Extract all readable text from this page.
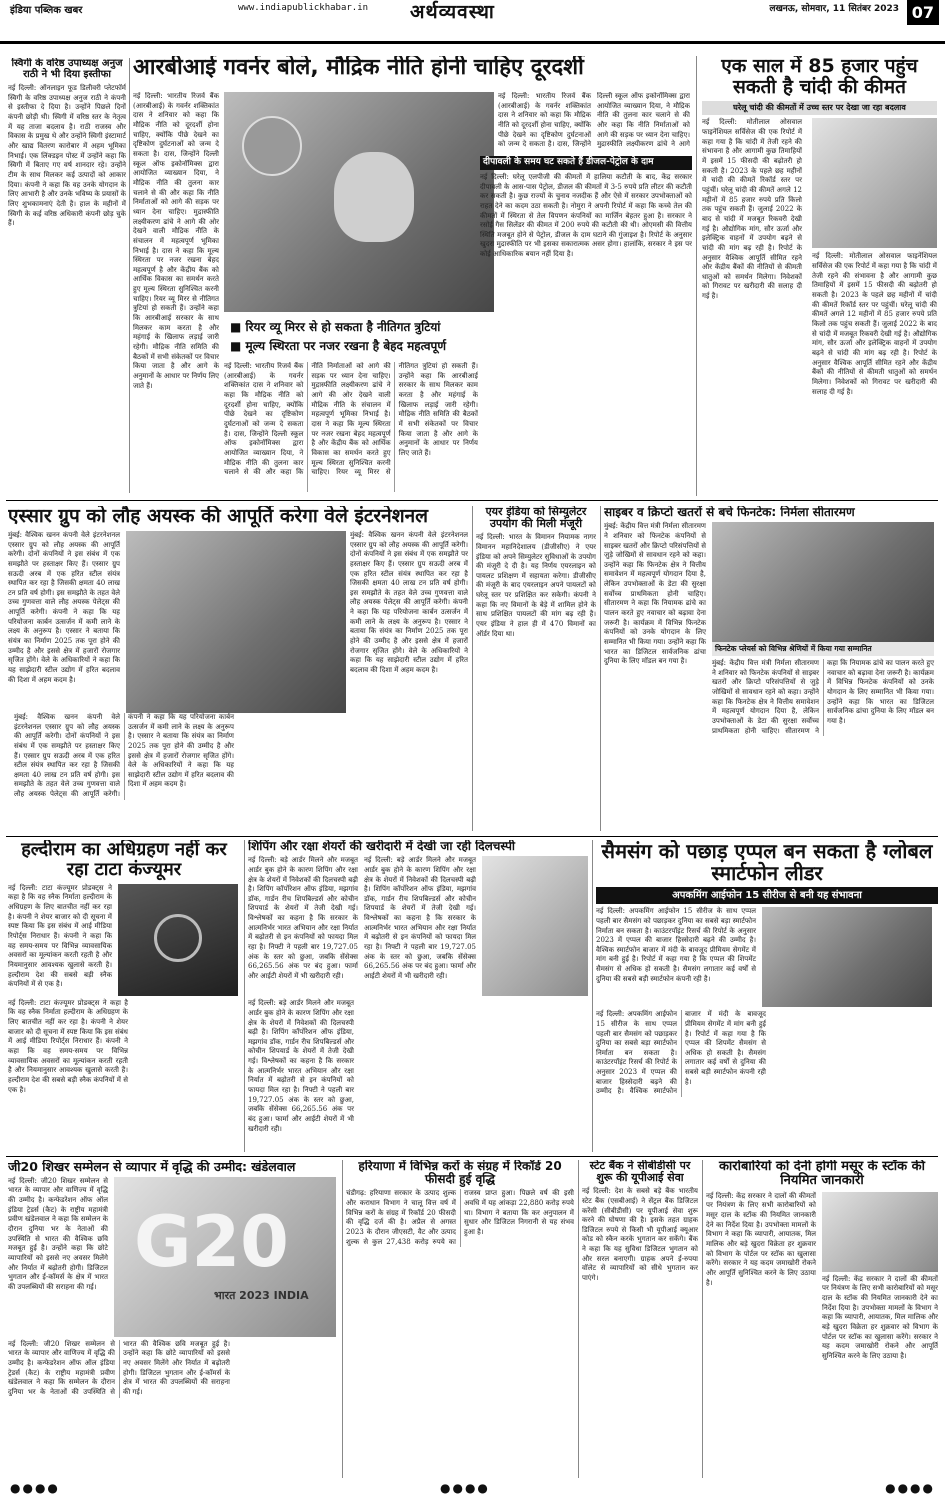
इंडिया पब्लिक खबर	www.indiapublickhabar.in अर्थव्यवस्था	लखनऊ, सोमवार, 11 सितंबर 2023 07
स्विगी के वरिष्ठ उपाध्यक्ष अनुज राठी ने भी दिया इस्तीफा
नई दिल्ली: ऑनलाइन फूड डिलीवरी प्लेटफॉर्म स्विगी के वरिष्ठ उपाध्यक्ष अनुज राठी ने कंपनी से इस्तीफा दे दिया है। उन्होंने पिछले दिनों कंपनी छोड़ी थी। स्विगी में वरिष्ठ स्तर के नेतृत्व में यह ताजा बदलाव है। राठी राजस्व और विकास के प्रमुख थे और उन्होंने स्विगी इंस्टामार्ट और खाद्य वितरण कारोबार में अहम भूमिका निभाई। एक लिंक्डइन पोस्ट में उन्होंने कहा कि स्विगी में बिताए गए वर्ष शानदार रहे। उन्होंने टीम के साथ मिलकर कई उत्पादों को आकार दिया। कंपनी ने कहा कि वह उनके योगदान के लिए आभारी है और उनके भविष्य के प्रयासों के लिए शुभकामनाएं देती है। हाल के महीनों में स्विगी के कई वरिष्ठ अधिकारी कंपनी छोड़ चुके हैं।
आरबीआई गवर्नर बोले, मौद्रिक नीति होनी चाहिए दूरदर्शी
नई दिल्ली: भारतीय रिजर्व बैंक (आरबीआई) के गवर्नर शक्तिकांत दास ने शनिवार को कहा कि मौद्रिक नीति को दूरदर्शी होना चाहिए, क्योंकि पीछे देखने का दृष्टिकोण दुर्घटनाओं को जन्म दे सकता है। दास, जिन्होंने दिल्ली स्कूल ऑफ इकोनॉमिक्स द्वारा आयोजित व्याख्यान दिया, ने मौद्रिक नीति की तुलना कार चलाने से की और कहा कि नीति निर्माताओं को आगे की सड़क पर ध्यान देना चाहिए। मुद्रास्फीति लक्ष्यीकरण ढांचे ने आगे की ओर देखने वाली मौद्रिक नीति के संचालन में महत्वपूर्ण भूमिका निभाई है। दास ने कहा कि मूल्य स्थिरता पर नजर रखना बेहद महत्वपूर्ण है और केंद्रीय बैंक को आर्थिक विकास का समर्थन करते हुए मूल्य स्थिरता सुनिश्चित करनी चाहिए। रियर व्यू मिरर से नीतिगत त्रुटियां हो सकती हैं। उन्होंने कहा कि आरबीआई सरकार के साथ मिलकर काम करता है और महंगाई के खिलाफ लड़ाई जारी रहेगी। मौद्रिक नीति समिति की बैठकों में सभी संकेतकों पर विचार किया जाता है और आगे के अनुमानों के आधार पर निर्णय लिए जाते हैं।
■ रियर व्यू मिरर से हो सकता है नीतिगत त्रुटियां
■ मूल्य स्थिरता पर नजर रखना है बेहद महत्वपूर्ण
नई दिल्ली: भारतीय रिजर्व बैंक (आरबीआई) के गवर्नर शक्तिकांत दास ने शनिवार को कहा कि मौद्रिक नीति को दूरदर्शी होना चाहिए, क्योंकि पीछे देखने का दृष्टिकोण दुर्घटनाओं को जन्म दे सकता है। दास, जिन्होंने दिल्ली स्कूल ऑफ इकोनॉमिक्स द्वारा आयोजित व्याख्यान दिया, ने मौद्रिक नीति की तुलना कार चलाने से की और कहा कि नीति निर्माताओं को आगे की सड़क पर ध्यान देना चाहिए। मुद्रास्फीति लक्ष्यीकरण ढांचे ने आगे की ओर देखने वाली मौद्रिक नीति के संचालन में महत्वपूर्ण भूमिका निभाई है। दास ने कहा कि मूल्य स्थिरता पर नजर रखना बेहद महत्वपूर्ण है और केंद्रीय बैंक को आर्थिक विकास का समर्थन करते हुए मूल्य स्थिरता सुनिश्चित करनी चाहिए। रियर व्यू मिरर से नीतिगत त्रुटियां हो सकती हैं। उन्होंने कहा कि आरबीआई सरकार के साथ मिलकर काम करता है और महंगाई के खिलाफ लड़ाई जारी रहेगी। मौद्रिक नीति समिति की बैठकों में सभी संकेतकों पर विचार किया जाता है और आगे के अनुमानों के आधार पर निर्णय लिए जाते हैं।
नई दिल्ली: भारतीय रिजर्व बैंक (आरबीआई) के गवर्नर शक्तिकांत दास ने शनिवार को कहा कि मौद्रिक नीति को दूरदर्शी होना चाहिए, क्योंकि पीछे देखने का दृष्टिकोण दुर्घटनाओं को जन्म दे सकता है। दास, जिन्होंने दिल्ली स्कूल ऑफ इकोनॉमिक्स द्वारा आयोजित व्याख्यान दिया, ने मौद्रिक नीति की तुलना कार चलाने से की और कहा कि नीति निर्माताओं को आगे की सड़क पर ध्यान देना चाहिए। मुद्रास्फीति लक्ष्यीकरण ढांचे ने आगे
दीपावली के समय घट सकते हैं डीजल-पेट्रोल के दाम
नई दिल्ली: घरेलू एलपीजी की कीमतों में हालिया कटौती के बाद, केंद्र सरकार दीपावली के आस-पास पेट्रोल, डीजल की कीमतों में 3-5 रुपये प्रति लीटर की कटौती कर सकती है। कुछ राज्यों के चुनाव नजदीक हैं और ऐसे में सरकार उपभोक्ताओं को राहत देने का कदम उठा सकती है। नोमुरा ने अपनी रिपोर्ट में कहा कि कच्चे तेल की कीमतों में स्थिरता से तेल विपणन कंपनियों का मार्जिन बेहतर हुआ है। सरकार ने रसोई गैस सिलेंडर की कीमत में 200 रुपये की कटौती की थी। ओएमसी की वित्तीय स्थिति मजबूत होने से पेट्रोल, डीजल के दाम घटाने की गुंजाइश है। रिपोर्ट के अनुसार खुदरा मुद्रास्फीति पर भी इसका सकारात्मक असर होगा। हालांकि, सरकार ने इस पर कोई आधिकारिक बयान नहीं दिया है।
एक साल में 85 हजार पहुंच सकती है चांदी की कीमत
घरेलू चांदी की कीमतों में उच्च स्तर पर देखा जा रहा बदलाव
नई दिल्ली: मोतीलाल ओसवाल फाइनेंशियल सर्विसेज की एक रिपोर्ट में कहा गया है कि चांदी में तेजी रहने की संभावना है और आगामी कुछ तिमाहियों में इसमें 15 फीसदी की बढ़ोतरी हो सकती है। 2023 के पहले छह महीनों में चांदी की कीमतें रिकॉर्ड स्तर पर पहुंचीं। घरेलू चांदी की कीमतें अगले 12 महीनों में 85 हजार रुपये प्रति किलो तक पहुंच सकती हैं। जुलाई 2022 के बाद से चांदी में मजबूत रिकवरी देखी गई है। औद्योगिक मांग, सौर ऊर्जा और इलेक्ट्रिक वाहनों में उपयोग बढ़ने से चांदी की मांग बढ़ रही है। रिपोर्ट के अनुसार वैश्विक आपूर्ति सीमित रहने और केंद्रीय बैंकों की नीतियों से कीमती धातुओं को समर्थन मिलेगा। निवेशकों को गिरावट पर खरीदारी की सलाह दी गई है।
नई दिल्ली: मोतीलाल ओसवाल फाइनेंशियल सर्विसेज की एक रिपोर्ट में कहा गया है कि चांदी में तेजी रहने की संभावना है और आगामी कुछ तिमाहियों में इसमें 15 फीसदी की बढ़ोतरी हो सकती है। 2023 के पहले छह महीनों में चांदी की कीमतें रिकॉर्ड स्तर पर पहुंचीं। घरेलू चांदी की कीमतें अगले 12 महीनों में 85 हजार रुपये प्रति किलो तक पहुंच सकती हैं। जुलाई 2022 के बाद से चांदी में मजबूत रिकवरी देखी गई है। औद्योगिक मांग, सौर ऊर्जा और इलेक्ट्रिक वाहनों में उपयोग बढ़ने से चांदी की मांग बढ़ रही है। रिपोर्ट के अनुसार वैश्विक आपूर्ति सीमित रहने और केंद्रीय बैंकों की नीतियों से कीमती धातुओं को समर्थन मिलेगा। निवेशकों को गिरावट पर खरीदारी की सलाह दी गई है।
एस्सार ग्रुप को लौह अयस्क की आपूर्ति करेगा वेले इंटरनेशनल
मुंबई: वैश्विक खनन कंपनी वेले इंटरनेशनल एस्सार ग्रुप को लौह अयस्क की आपूर्ति करेगी। दोनों कंपनियों ने इस संबंध में एक समझौते पर हस्ताक्षर किए हैं। एस्सार ग्रुप सऊदी अरब में एक हरित स्टील संयंत्र स्थापित कर रहा है जिसकी क्षमता 40 लाख टन प्रति वर्ष होगी। इस समझौते के तहत वेले उच्च गुणवत्ता वाले लौह अयस्क पेलेट्स की आपूर्ति करेगी। कंपनी ने कहा कि यह परियोजना कार्बन उत्सर्जन में कमी लाने के लक्ष्य के अनुरूप है। एस्सार ने बताया कि संयंत्र का निर्माण 2025 तक पूरा होने की उम्मीद है और इससे क्षेत्र में हजारों रोजगार सृजित होंगे। वेले के अधिकारियों ने कहा कि यह साझेदारी स्टील उद्योग में हरित बदलाव की दिशा में अहम कदम है।
मुंबई: वैश्विक खनन कंपनी वेले इंटरनेशनल एस्सार ग्रुप को लौह अयस्क की आपूर्ति करेगी। दोनों कंपनियों ने इस संबंध में एक समझौते पर हस्ताक्षर किए हैं। एस्सार ग्रुप सऊदी अरब में एक हरित स्टील संयंत्र स्थापित कर रहा है जिसकी क्षमता 40 लाख टन प्रति वर्ष होगी। इस समझौते के तहत वेले उच्च गुणवत्ता वाले लौह अयस्क पेलेट्स की आपूर्ति करेगी। कंपनी ने कहा कि यह परियोजना कार्बन उत्सर्जन में कमी लाने के लक्ष्य के अनुरूप है। एस्सार ने बताया कि संयंत्र का निर्माण 2025 तक पूरा होने की उम्मीद है और इससे क्षेत्र में हजारों रोजगार सृजित होंगे। वेले के अधिकारियों ने कहा कि यह साझेदारी स्टील उद्योग में हरित बदलाव की दिशा में अहम कदम है।
मुंबई: वैश्विक खनन कंपनी वेले इंटरनेशनल एस्सार ग्रुप को लौह अयस्क की आपूर्ति करेगी। दोनों कंपनियों ने इस संबंध में एक समझौते पर हस्ताक्षर किए हैं। एस्सार ग्रुप सऊदी अरब में एक हरित स्टील संयंत्र स्थापित कर रहा है जिसकी क्षमता 40 लाख टन प्रति वर्ष होगी। इस समझौते के तहत वेले उच्च गुणवत्ता वाले लौह अयस्क पेलेट्स की आपूर्ति करेगी। कंपनी ने कहा कि यह परियोजना कार्बन उत्सर्जन में कमी लाने के लक्ष्य के अनुरूप है। एस्सार ने बताया कि संयंत्र का निर्माण 2025 तक पूरा होने की उम्मीद है और इससे क्षेत्र में हजारों रोजगार सृजित होंगे। वेले के अधिकारियों ने कहा कि यह साझेदारी स्टील उद्योग में हरित बदलाव की दिशा में अहम कदम है।
एयर इंडिया को सिम्युलेटर उपयोग की मिली मंजूरी
नई दिल्ली: भारत के विमानन नियामक नागर विमानन महानिदेशालय (डीजीसीए) ने एयर इंडिया को अपने सिम्युलेटर सुविधाओं के उपयोग की मंजूरी दे दी है। यह निर्णय एयरलाइन को पायलट प्रशिक्षण में सहायता करेगा। डीजीसीए की मंजूरी के बाद एयरलाइन अपने पायलटों को घरेलू स्तर पर प्रशिक्षित कर सकेगी। कंपनी ने कहा कि नए विमानों के बेड़े में शामिल होने के साथ प्रशिक्षित पायलटों की मांग बढ़ रही है। एयर इंडिया ने हाल ही में 470 विमानों का ऑर्डर दिया था।
साइबर व क्रिप्टो खतरों से बचे फिनटेक: निर्मला सीतारमण
मुंबई: केंद्रीय वित्त मंत्री निर्मला सीतारमण ने शनिवार को फिनटेक कंपनियों से साइबर खतरों और क्रिप्टो परिसंपत्तियों से जुड़े जोखिमों से सावधान रहने को कहा। उन्होंने कहा कि फिनटेक क्षेत्र ने वित्तीय समावेशन में महत्वपूर्ण योगदान दिया है, लेकिन उपभोक्ताओं के डेटा की सुरक्षा सर्वोच्च प्राथमिकता होनी चाहिए। सीतारमण ने कहा कि नियामक ढांचे का पालन करते हुए नवाचार को बढ़ावा देना जरूरी है। कार्यक्रम में विभिन्न फिनटेक कंपनियों को उनके योगदान के लिए सम्मानित भी किया गया। उन्होंने कहा कि भारत का डिजिटल सार्वजनिक ढांचा दुनिया के लिए मॉडल बन गया है।
फिनटेक प्लेयर्स को विभिन्न श्रेणियों में किया गया सम्मानित
मुंबई: केंद्रीय वित्त मंत्री निर्मला सीतारमण ने शनिवार को फिनटेक कंपनियों से साइबर खतरों और क्रिप्टो परिसंपत्तियों से जुड़े जोखिमों से सावधान रहने को कहा। उन्होंने कहा कि फिनटेक क्षेत्र ने वित्तीय समावेशन में महत्वपूर्ण योगदान दिया है, लेकिन उपभोक्ताओं के डेटा की सुरक्षा सर्वोच्च प्राथमिकता होनी चाहिए। सीतारमण ने कहा कि नियामक ढांचे का पालन करते हुए नवाचार को बढ़ावा देना जरूरी है। कार्यक्रम में विभिन्न फिनटेक कंपनियों को उनके योगदान के लिए सम्मानित भी किया गया। उन्होंने कहा कि भारत का डिजिटल सार्वजनिक ढांचा दुनिया के लिए मॉडल बन गया है।
हल्दीराम का अधिग्रहण नहीं कर रहा टाटा कंज्यूमर
नई दिल्ली: टाटा कंज्यूमर प्रोडक्ट्स ने कहा है कि वह स्नैक निर्माता हल्दीराम के अधिग्रहण के लिए बातचीत नहीं कर रहा है। कंपनी ने शेयर बाजार को दी सूचना में स्पष्ट किया कि इस संबंध में आई मीडिया रिपोर्ट्स निराधार हैं। कंपनी ने कहा कि वह समय-समय पर विभिन्न व्यावसायिक अवसरों का मूल्यांकन करती रहती है और नियमानुसार आवश्यक खुलासे करती है। हल्दीराम देश की सबसे बड़ी स्नैक कंपनियों में से एक है।
नई दिल्ली: टाटा कंज्यूमर प्रोडक्ट्स ने कहा है कि वह स्नैक निर्माता हल्दीराम के अधिग्रहण के लिए बातचीत नहीं कर रहा है। कंपनी ने शेयर बाजार को दी सूचना में स्पष्ट किया कि इस संबंध में आई मीडिया रिपोर्ट्स निराधार हैं। कंपनी ने कहा कि वह समय-समय पर विभिन्न व्यावसायिक अवसरों का मूल्यांकन करती रहती है और नियमानुसार आवश्यक खुलासे करती है। हल्दीराम देश की सबसे बड़ी स्नैक कंपनियों में से एक है।
शिपिंग और रक्षा शेयरों की खरीदारी में देखी जा रही दिलचस्पी
नई दिल्ली: बड़े आर्डर मिलने और मजबूत आर्डर बुक होने के कारण शिपिंग और रक्षा क्षेत्र के शेयरों में निवेशकों की दिलचस्पी बढ़ी है। शिपिंग कॉर्पोरेशन ऑफ इंडिया, मझगांव डॉक, गार्डन रीच शिपबिल्डर्स और कोचीन शिपयार्ड के शेयरों में तेजी देखी गई। विश्लेषकों का कहना है कि सरकार के आत्मनिर्भर भारत अभियान और रक्षा निर्यात में बढ़ोतरी से इन कंपनियों को फायदा मिल रहा है। निफ्टी ने पहली बार 19,727.05 अंक के स्तर को छुआ, जबकि सेंसेक्स 66,265.56 अंक पर बंद हुआ। फार्मा और आईटी शेयरों में भी खरीदारी रही।
नई दिल्ली: बड़े आर्डर मिलने और मजबूत आर्डर बुक होने के कारण शिपिंग और रक्षा क्षेत्र के शेयरों में निवेशकों की दिलचस्पी बढ़ी है। शिपिंग कॉर्पोरेशन ऑफ इंडिया, मझगांव डॉक, गार्डन रीच शिपबिल्डर्स और कोचीन शिपयार्ड के शेयरों में तेजी देखी गई। विश्लेषकों का कहना है कि सरकार के आत्मनिर्भर भारत अभियान और रक्षा निर्यात में बढ़ोतरी से इन कंपनियों को फायदा मिल रहा है। निफ्टी ने पहली बार 19,727.05 अंक के स्तर को छुआ, जबकि सेंसेक्स 66,265.56 अंक पर बंद हुआ। फार्मा और आईटी शेयरों में भी खरीदारी रही।
नई दिल्ली: बड़े आर्डर मिलने और मजबूत आर्डर बुक होने के कारण शिपिंग और रक्षा क्षेत्र के शेयरों में निवेशकों की दिलचस्पी बढ़ी है। शिपिंग कॉर्पोरेशन ऑफ इंडिया, मझगांव डॉक, गार्डन रीच शिपबिल्डर्स और कोचीन शिपयार्ड के शेयरों में तेजी देखी गई। विश्लेषकों का कहना है कि सरकार के आत्मनिर्भर भारत अभियान और रक्षा निर्यात में बढ़ोतरी से इन कंपनियों को फायदा मिल रहा है। निफ्टी ने पहली बार 19,727.05 अंक के स्तर को छुआ, जबकि सेंसेक्स 66,265.56 अंक पर बंद हुआ। फार्मा और आईटी शेयरों में भी खरीदारी रही।
सैमसंग को पछाड़ एप्पल बन सकता है ग्लोबल स्मार्टफोन लीडर
अपकमिंग आईफोन 15 सीरीज से बनी यह संभावना
नई दिल्ली: अपकमिंग आईफोन 15 सीरीज के साथ एप्पल पहली बार सैमसंग को पछाड़कर दुनिया का सबसे बड़ा स्मार्टफोन निर्माता बन सकता है। काउंटरपॉइंट रिसर्च की रिपोर्ट के अनुसार 2023 में एप्पल की बाजार हिस्सेदारी बढ़ने की उम्मीद है। वैश्विक स्मार्टफोन बाजार में मंदी के बावजूद प्रीमियम सेगमेंट में मांग बनी हुई है। रिपोर्ट में कहा गया है कि एप्पल की शिपमेंट सैमसंग से अधिक हो सकती है। सैमसंग लगातार कई वर्षों से दुनिया की सबसे बड़ी स्मार्टफोन कंपनी रही है।
नई दिल्ली: अपकमिंग आईफोन 15 सीरीज के साथ एप्पल पहली बार सैमसंग को पछाड़कर दुनिया का सबसे बड़ा स्मार्टफोन निर्माता बन सकता है। काउंटरपॉइंट रिसर्च की रिपोर्ट के अनुसार 2023 में एप्पल की बाजार हिस्सेदारी बढ़ने की उम्मीद है। वैश्विक स्मार्टफोन बाजार में मंदी के बावजूद प्रीमियम सेगमेंट में मांग बनी हुई है। रिपोर्ट में कहा गया है कि एप्पल की शिपमेंट सैमसंग से अधिक हो सकती है। सैमसंग लगातार कई वर्षों से दुनिया की सबसे बड़ी स्मार्टफोन कंपनी रही है।
जी20 शिखर सम्मेलन से व्यापार में वृद्धि की उम्मीद: खंडेलवाल
नई दिल्ली: जी20 शिखर सम्मेलन से भारत के व्यापार और वाणिज्य में वृद्धि की उम्मीद है। कन्फेडरेशन ऑफ ऑल इंडिया ट्रेडर्स (कैट) के राष्ट्रीय महामंत्री प्रवीण खंडेलवाल ने कहा कि सम्मेलन के दौरान दुनिया भर के नेताओं की उपस्थिति से भारत की वैश्विक छवि मजबूत हुई है। उन्होंने कहा कि छोटे व्यापारियों को इससे नए अवसर मिलेंगे और निर्यात में बढ़ोतरी होगी। डिजिटल भुगतान और ई-कॉमर्स के क्षेत्र में भारत की उपलब्धियों की सराहना की गई।
G20
भारत 2023 INDIA
नई दिल्ली: जी20 शिखर सम्मेलन से भारत के व्यापार और वाणिज्य में वृद्धि की उम्मीद है। कन्फेडरेशन ऑफ ऑल इंडिया ट्रेडर्स (कैट) के राष्ट्रीय महामंत्री प्रवीण खंडेलवाल ने कहा कि सम्मेलन के दौरान दुनिया भर के नेताओं की उपस्थिति से भारत की वैश्विक छवि मजबूत हुई है। उन्होंने कहा कि छोटे व्यापारियों को इससे नए अवसर मिलेंगे और निर्यात में बढ़ोतरी होगी। डिजिटल भुगतान और ई-कॉमर्स के क्षेत्र में भारत की उपलब्धियों की सराहना की गई।
हरियाणा में विभिन्न करों के संग्रह में रिकॉर्ड 20 फीसदी हुई वृद्धि
चंडीगढ़: हरियाणा सरकार के उत्पाद शुल्क और कराधान विभाग ने चालू वित्त वर्ष में विभिन्न करों के संग्रह में रिकॉर्ड 20 फीसदी की वृद्धि दर्ज की है। अप्रैल से अगस्त 2023 के दौरान जीएसटी, वैट और उत्पाद शुल्क से कुल 27,438 करोड़ रुपये का राजस्व प्राप्त हुआ। पिछले वर्ष की इसी अवधि में यह आंकड़ा 22,880 करोड़ रुपये था। विभाग ने बताया कि कर अनुपालन में सुधार और डिजिटल निगरानी से यह संभव हुआ है।
स्टेट बैंक ने सीबीडीसी पर शुरू की यूपीआई सेवा
नई दिल्ली: देश के सबसे बड़े बैंक भारतीय स्टेट बैंक (एसबीआई) ने सेंट्रल बैंक डिजिटल करेंसी (सीबीडीसी) पर यूपीआई सेवा शुरू करने की घोषणा की है। इसके तहत ग्राहक डिजिटल रुपये से किसी भी यूपीआई क्यूआर कोड को स्कैन करके भुगतान कर सकेंगे। बैंक ने कहा कि यह सुविधा डिजिटल भुगतान को और सरल बनाएगी। ग्राहक अपने ई-रुपया वॉलेट से व्यापारियों को सीधे भुगतान कर पाएंगे।
कारोबारियों को देनी होगी मसूर के स्टॉक की नियमित जानकारी
नई दिल्ली: केंद्र सरकार ने दालों की कीमतों पर नियंत्रण के लिए सभी कारोबारियों को मसूर दाल के स्टॉक की नियमित जानकारी देने का निर्देश दिया है। उपभोक्ता मामलों के विभाग ने कहा कि व्यापारी, आयातक, मिल मालिक और बड़े खुदरा विक्रेता हर शुक्रवार को विभाग के पोर्टल पर स्टॉक का खुलासा करेंगे। सरकार ने यह कदम जमाखोरी रोकने और आपूर्ति सुनिश्चित करने के लिए उठाया है।	नई दिल्ली: केंद्र सरकार ने दालों की कीमतों पर नियंत्रण के लिए सभी कारोबारियों को मसूर दाल के स्टॉक की नियमित जानकारी देने का निर्देश दिया है। उपभोक्ता मामलों के विभाग ने कहा कि व्यापारी, आयातक, मिल मालिक और बड़े खुदरा विक्रेता हर शुक्रवार को विभाग के पोर्टल पर स्टॉक का खुलासा करेंगे। सरकार ने यह कदम जमाखोरी रोकने और आपूर्ति सुनिश्चित करने के लिए उठाया है।
●●●●	●●●●	●●●●
